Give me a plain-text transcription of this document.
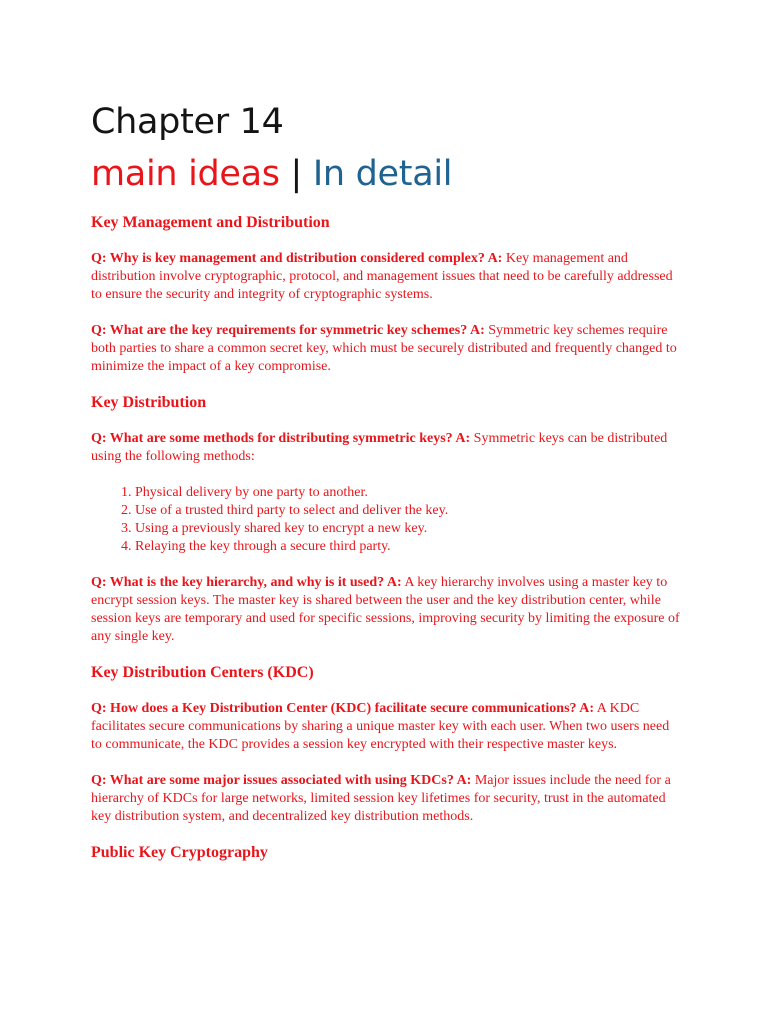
Chapter 14
main ideas | In detail
Key Management and Distribution

Q: Why is key management and distribution considered complex? A: Key management and distribution involve cryptographic, protocol, and management issues that need to be carefully addressed to ensure the security and integrity of cryptographic systems.

Q: What are the key requirements for symmetric key schemes? A: Symmetric key schemes require both parties to share a common secret key, which must be securely distributed and frequently changed to minimize the impact of a key compromise.

Key Distribution

Q: What are some methods for distributing symmetric keys? A: Symmetric keys can be distributed using the following methods:

1. Physical delivery by one party to another.
2. Use of a trusted third party to select and deliver the key.
3. Using a previously shared key to encrypt a new key.
4. Relaying the key through a secure third party.

Q: What is the key hierarchy, and why is it used? A: A key hierarchy involves using a master key to encrypt session keys. The master key is shared between the user and the key distribution center, while session keys are temporary and used for specific sessions, improving security by limiting the exposure of any single key.

Key Distribution Centers (KDC)

Q: How does a Key Distribution Center (KDC) facilitate secure communications? A: A KDC facilitates secure communications by sharing a unique master key with each user. When two users need to communicate, the KDC provides a session key encrypted with their respective master keys.

Q: What are some major issues associated with using KDCs? A: Major issues include the need for a hierarchy of KDCs for large networks, limited session key lifetimes for security, trust in the automated key distribution system, and decentralized key distribution methods.

Public Key Cryptography
